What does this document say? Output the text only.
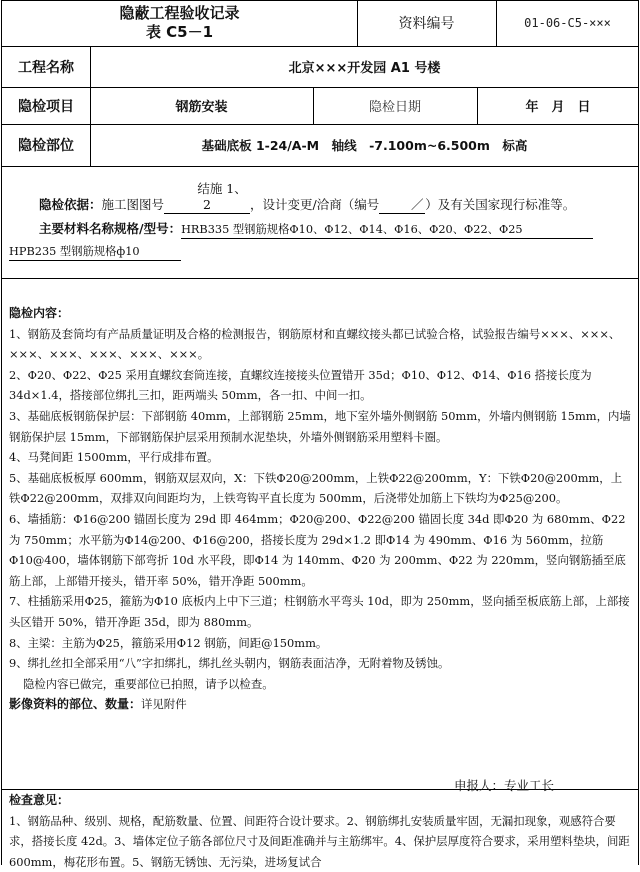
隐蔽工程验收记录
表 C5－1	资料编号	01-06-C5-×××
工程名称	北京×××开发园 A1 号楼
隐检项目	钢筋安装	隐检日期	年　月　日
隐检部位	基础底板 1-24/A-M　轴线　-7.100m~6.500m　标高

隐检依据：施工图图号结施 1、2	，设计变更/洽商（编号	／ ）及有关国家现行标准等。

主要材料名称规格/型号：HRB335 型钢筋规格Φ10、Φ12、Φ14、Φ16、Φ20、Φ22、Φ25

HPB235 型钢筋规格ф10

隐检内容：

1、钢筋及套筒均有产品质量证明及合格的检测报告，钢筋原材和直螺纹接头都已试验合格，试验报告编号×××、×××、×××、×××、×××、×××、×××。

2、Φ20、Φ22、Φ25 采用直螺纹套筒连接，直螺纹连接接头位置错开 35d；Φ10、Φ12、Φ14、Φ16 搭接长度为 34d×1.4，搭接部位绑扎三扣，距两端头 50mm，各一扣、中间一扣。

3、基础底板钢筋保护层：下部钢筋 40mm，上部钢筋 25mm，地下室外墙外侧钢筋 50mm，外墙内侧钢筋 15mm，内墙钢筋保护层 15mm，下部钢筋保护层采用预制水泥垫块，外墙外侧钢筋采用塑料卡圈。

4、马凳间距 1500mm，平行成排布置。

5、基础底板板厚 600mm，钢筋双层双向，X：下铁Φ20@200mm，上铁Φ22@200mm，Y：下铁Φ20@200mm，上铁Φ22@200mm，双排双向间距均为，上铁弯钩平直长度为 500mm，后浇带处加筋上下铁均为Φ25@200。

6、墙插筋：Φ16@200 锚固长度为 29d 即 464mm；Φ20@200、Φ22@200 锚固长度 34d 即Φ20 为 680mm、Φ22 为 750mm；水平筋为Φ14@200、Φ16@200，搭接长度为 29d×1.2 即Φ14 为 490mm、Φ16 为 560mm，拉筋Φ10@400，墙体钢筋下部弯折 10d 水平段，即Φ14 为 140mm、Φ20 为 200mm、Φ22 为 220mm，竖向钢筋插至底筋上部，上部错开接头，错开率 50%，错开净距 500mm。

7、柱插筋采用Φ25，箍筋为Φ10 底板内上中下三道；柱钢筋水平弯头 10d，即为 250mm，竖向插至板底筋上部，上部接头区错开 50%，错开净距 35d，即为 880mm。

8、主梁：主筋为Φ25，箍筋采用Φ12 钢筋，间距@150mm。

9、绑扎丝扣全部采用“八”字扣绑扎，绑扎丝头朝内，钢筋表面洁净，无附着物及锈蚀。

隐检内容已做完，重要部位已拍照，请予以检查。

影像资料的部位、数量：详见附件

申报人：专业工长

检查意见：

1、钢筋品种、级别、规格，配筋数量、位置、间距符合设计要求。2、钢筋绑扎安装质量牢固，无漏扣现象，观感符合要求，搭接长度 42d。3、墙体定位子筋各部位尺寸及间距准确并与主筋绑牢。4、保护层厚度符合要求，采用塑料垫块，间距 600mm，梅花形布置。5、钢筋无锈蚀、无污染，进场复试合
